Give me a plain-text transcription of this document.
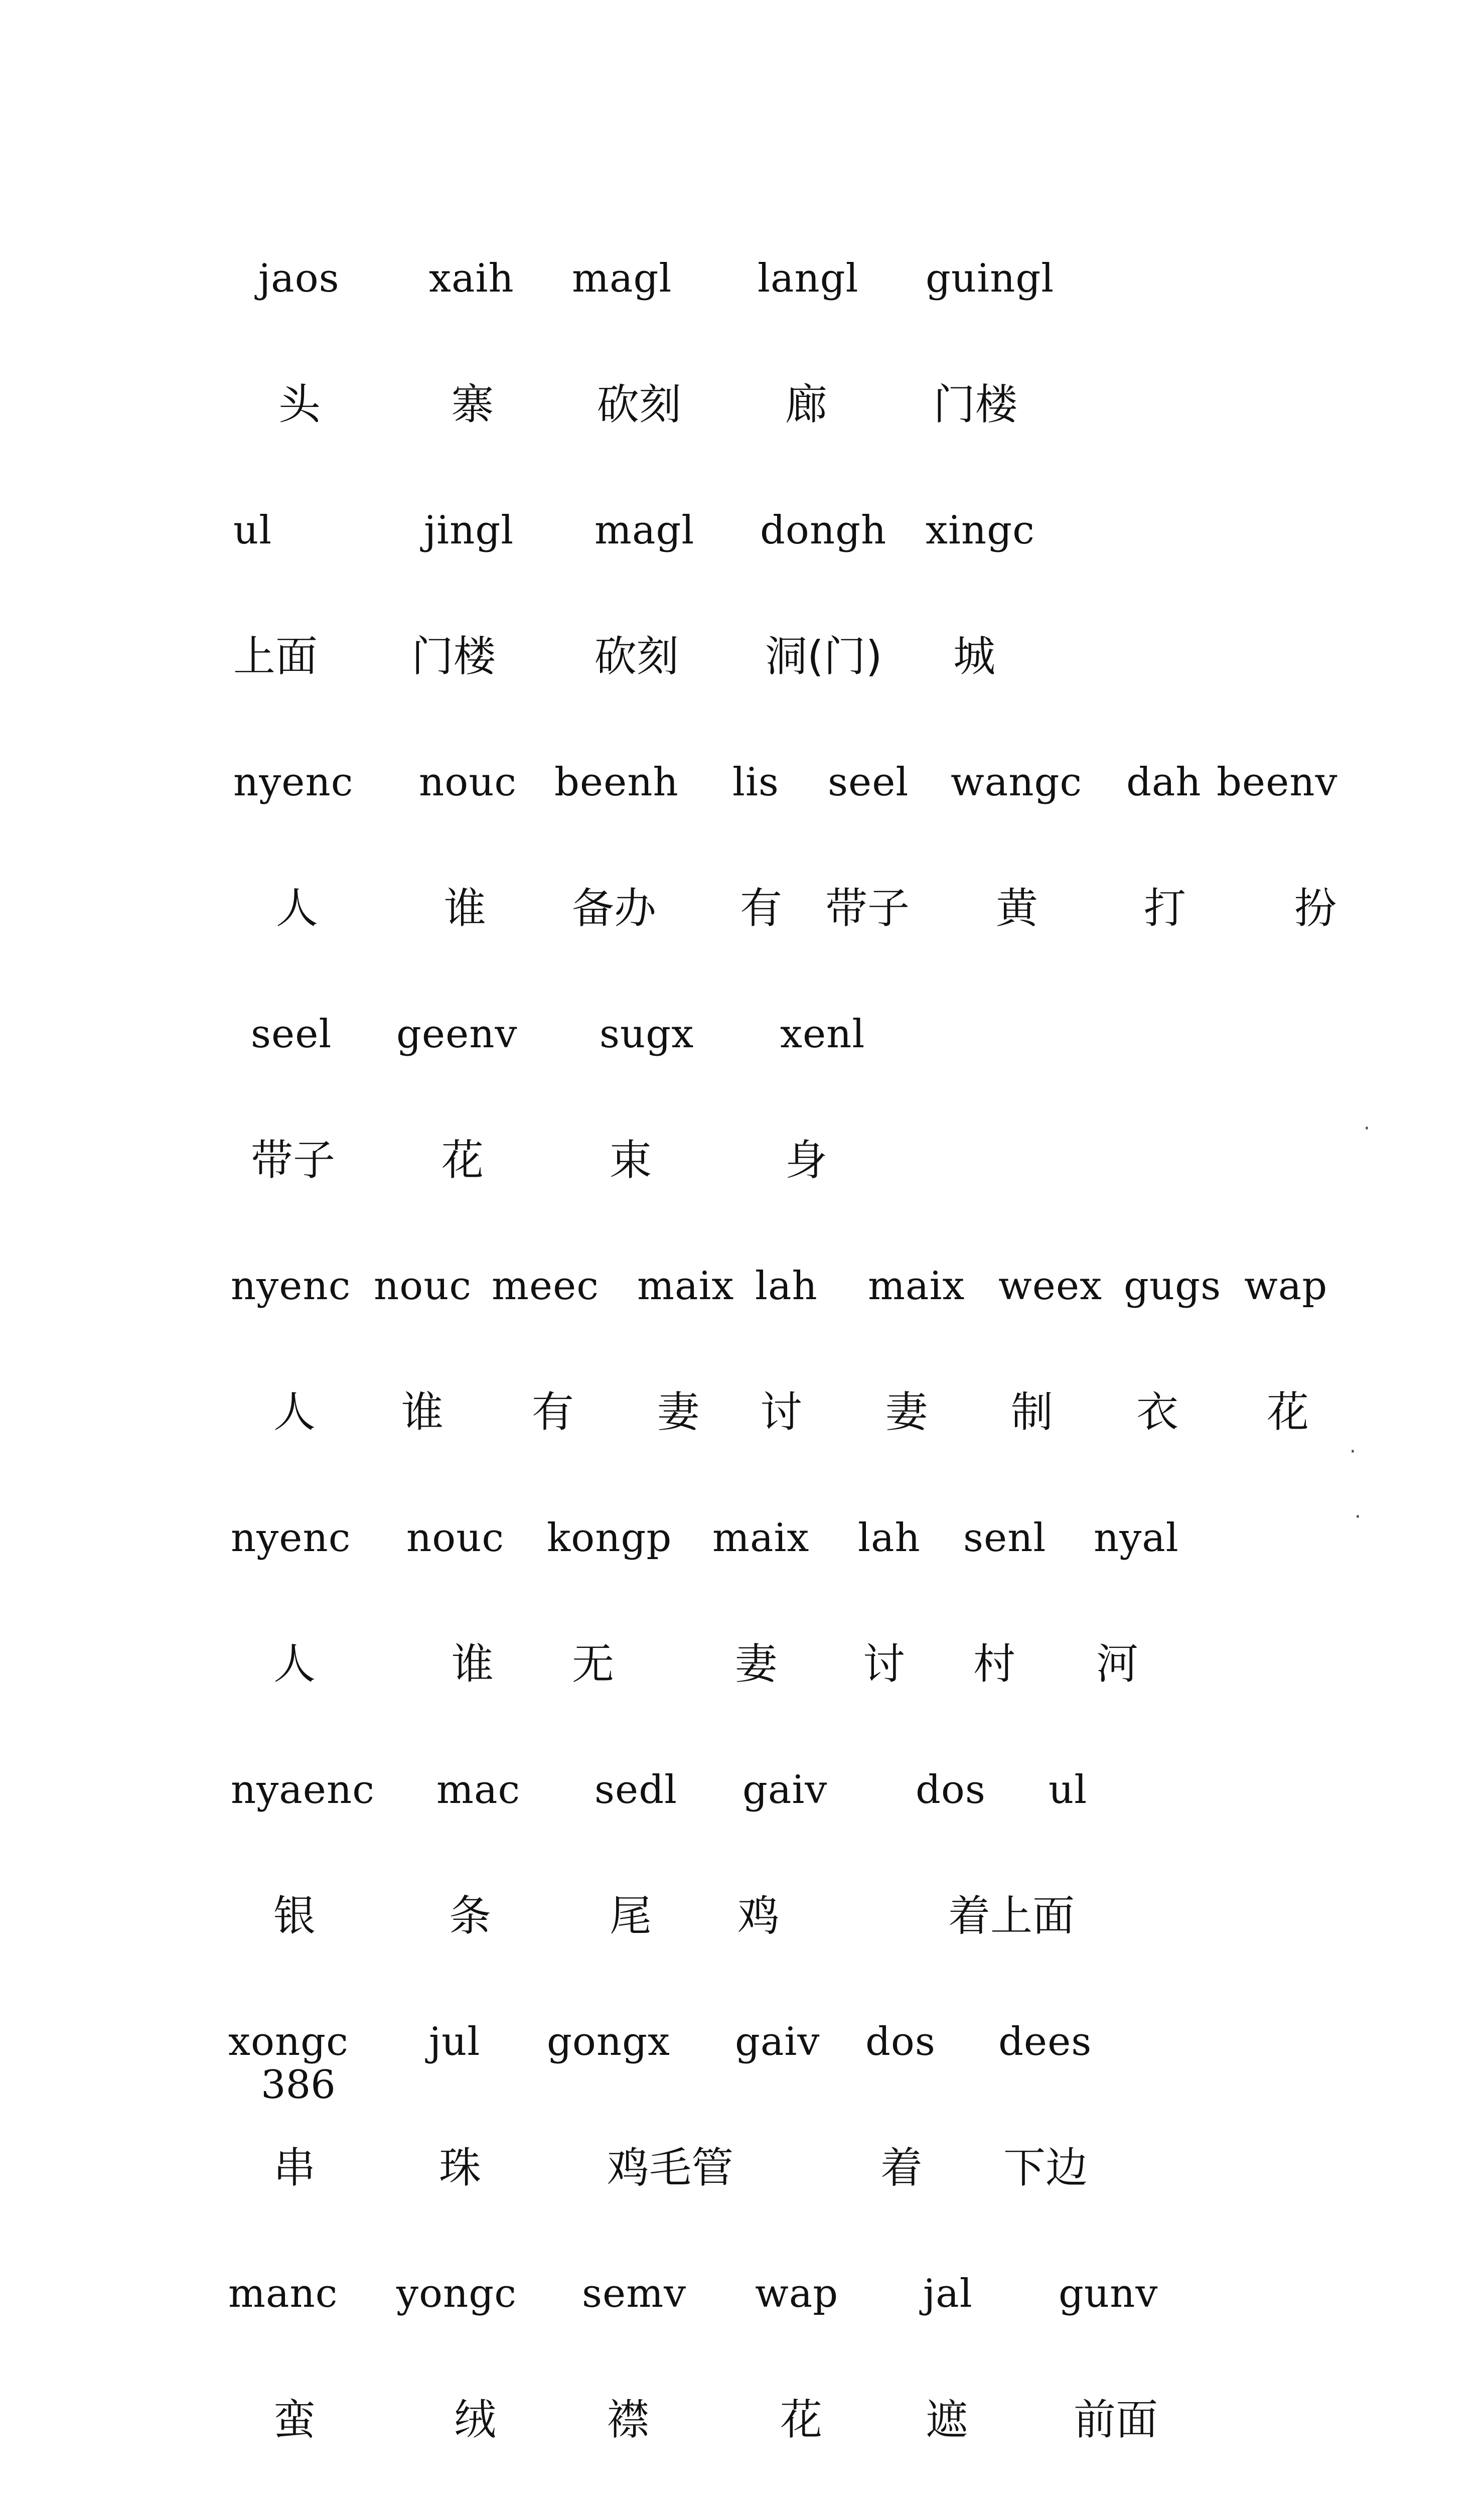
jaos xaih magl langl guingl
头	寨 砍刻 廊	门楼
ul	jingl magl dongh xingc
上面 门楼 砍刻 洞(门) 城
nyenc nouc beenh lis seel wangc dah beenv
人	谁 备办 有 带子 黄	打	扮
seel geenv sugx xenl
带子	花	束	身
nyenc nouc meec maix lah maix weex gugs wap
人 谁 有 妻 讨 妻 制 衣 花
nyenc nouc kongp maix lah senl nyal
人	谁 无	妻 讨 村 河
nyaenc mac sedl gaiv dos ul
银	条	尾 鸡	着上面
xongc jul gongx gaiv dos dees
串	珠	鸡毛管	着 下边
manc yongc semv wap jal gunv
蛮	绒	襟	花 遮	前面
386
·
·
·
